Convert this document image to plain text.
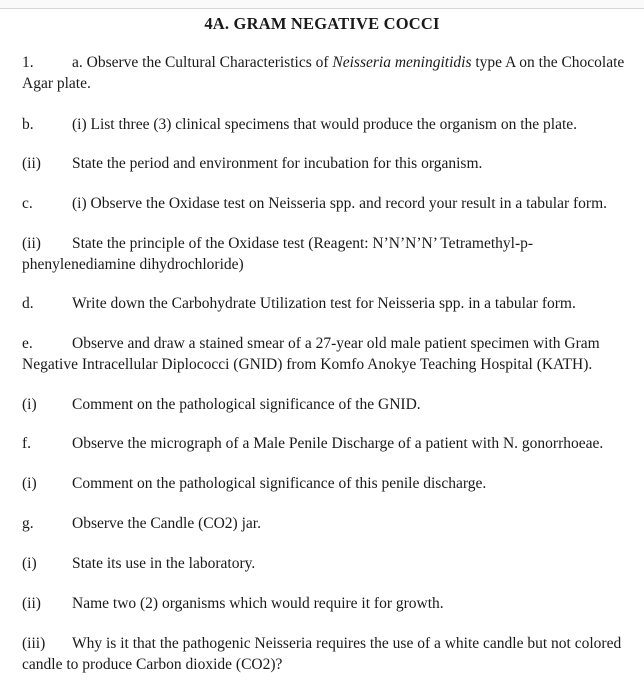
4A. GRAM NEGATIVE COCCI
1. a. Observe the Cultural Characteristics of Neisseria meningitidis type A on the Chocolate
Agar plate.
b. (i) List three (3) clinical specimens that would produce the organism on the plate.
(ii) State the period and environment for incubation for this organism.
c.	(i) Observe the Oxidase test on Neisseria spp. and record your result in a tabular form.
(ii) State the principle of the Oxidase test (Reagent: N’N’N’N’ Tetramethyl-p-
phenylenediamine dihydrochloride)
d. Write down the Carbohydrate Utilization test for Neisseria spp. in a tabular form.
e.	Observe and draw a stained smear of a 27-year old male patient specimen with Gram
Negative Intracellular Diplococci (GNID) from Komfo Anokye Teaching Hospital (KATH).
(i) Comment on the pathological significance of the GNID.
f.	Observe the micrograph of a Male Penile Discharge of a patient with N. gonorrhoeae.
(i) Comment on the pathological significance of this penile discharge.
g. Observe the Candle (CO2) jar.
(i) State its use in the laboratory.
(ii) Name two (2) organisms which would require it for growth.
(iii) Why is it that the pathogenic Neisseria requires the use of a white candle but not colored
candle to produce Carbon dioxide (CO2)?
